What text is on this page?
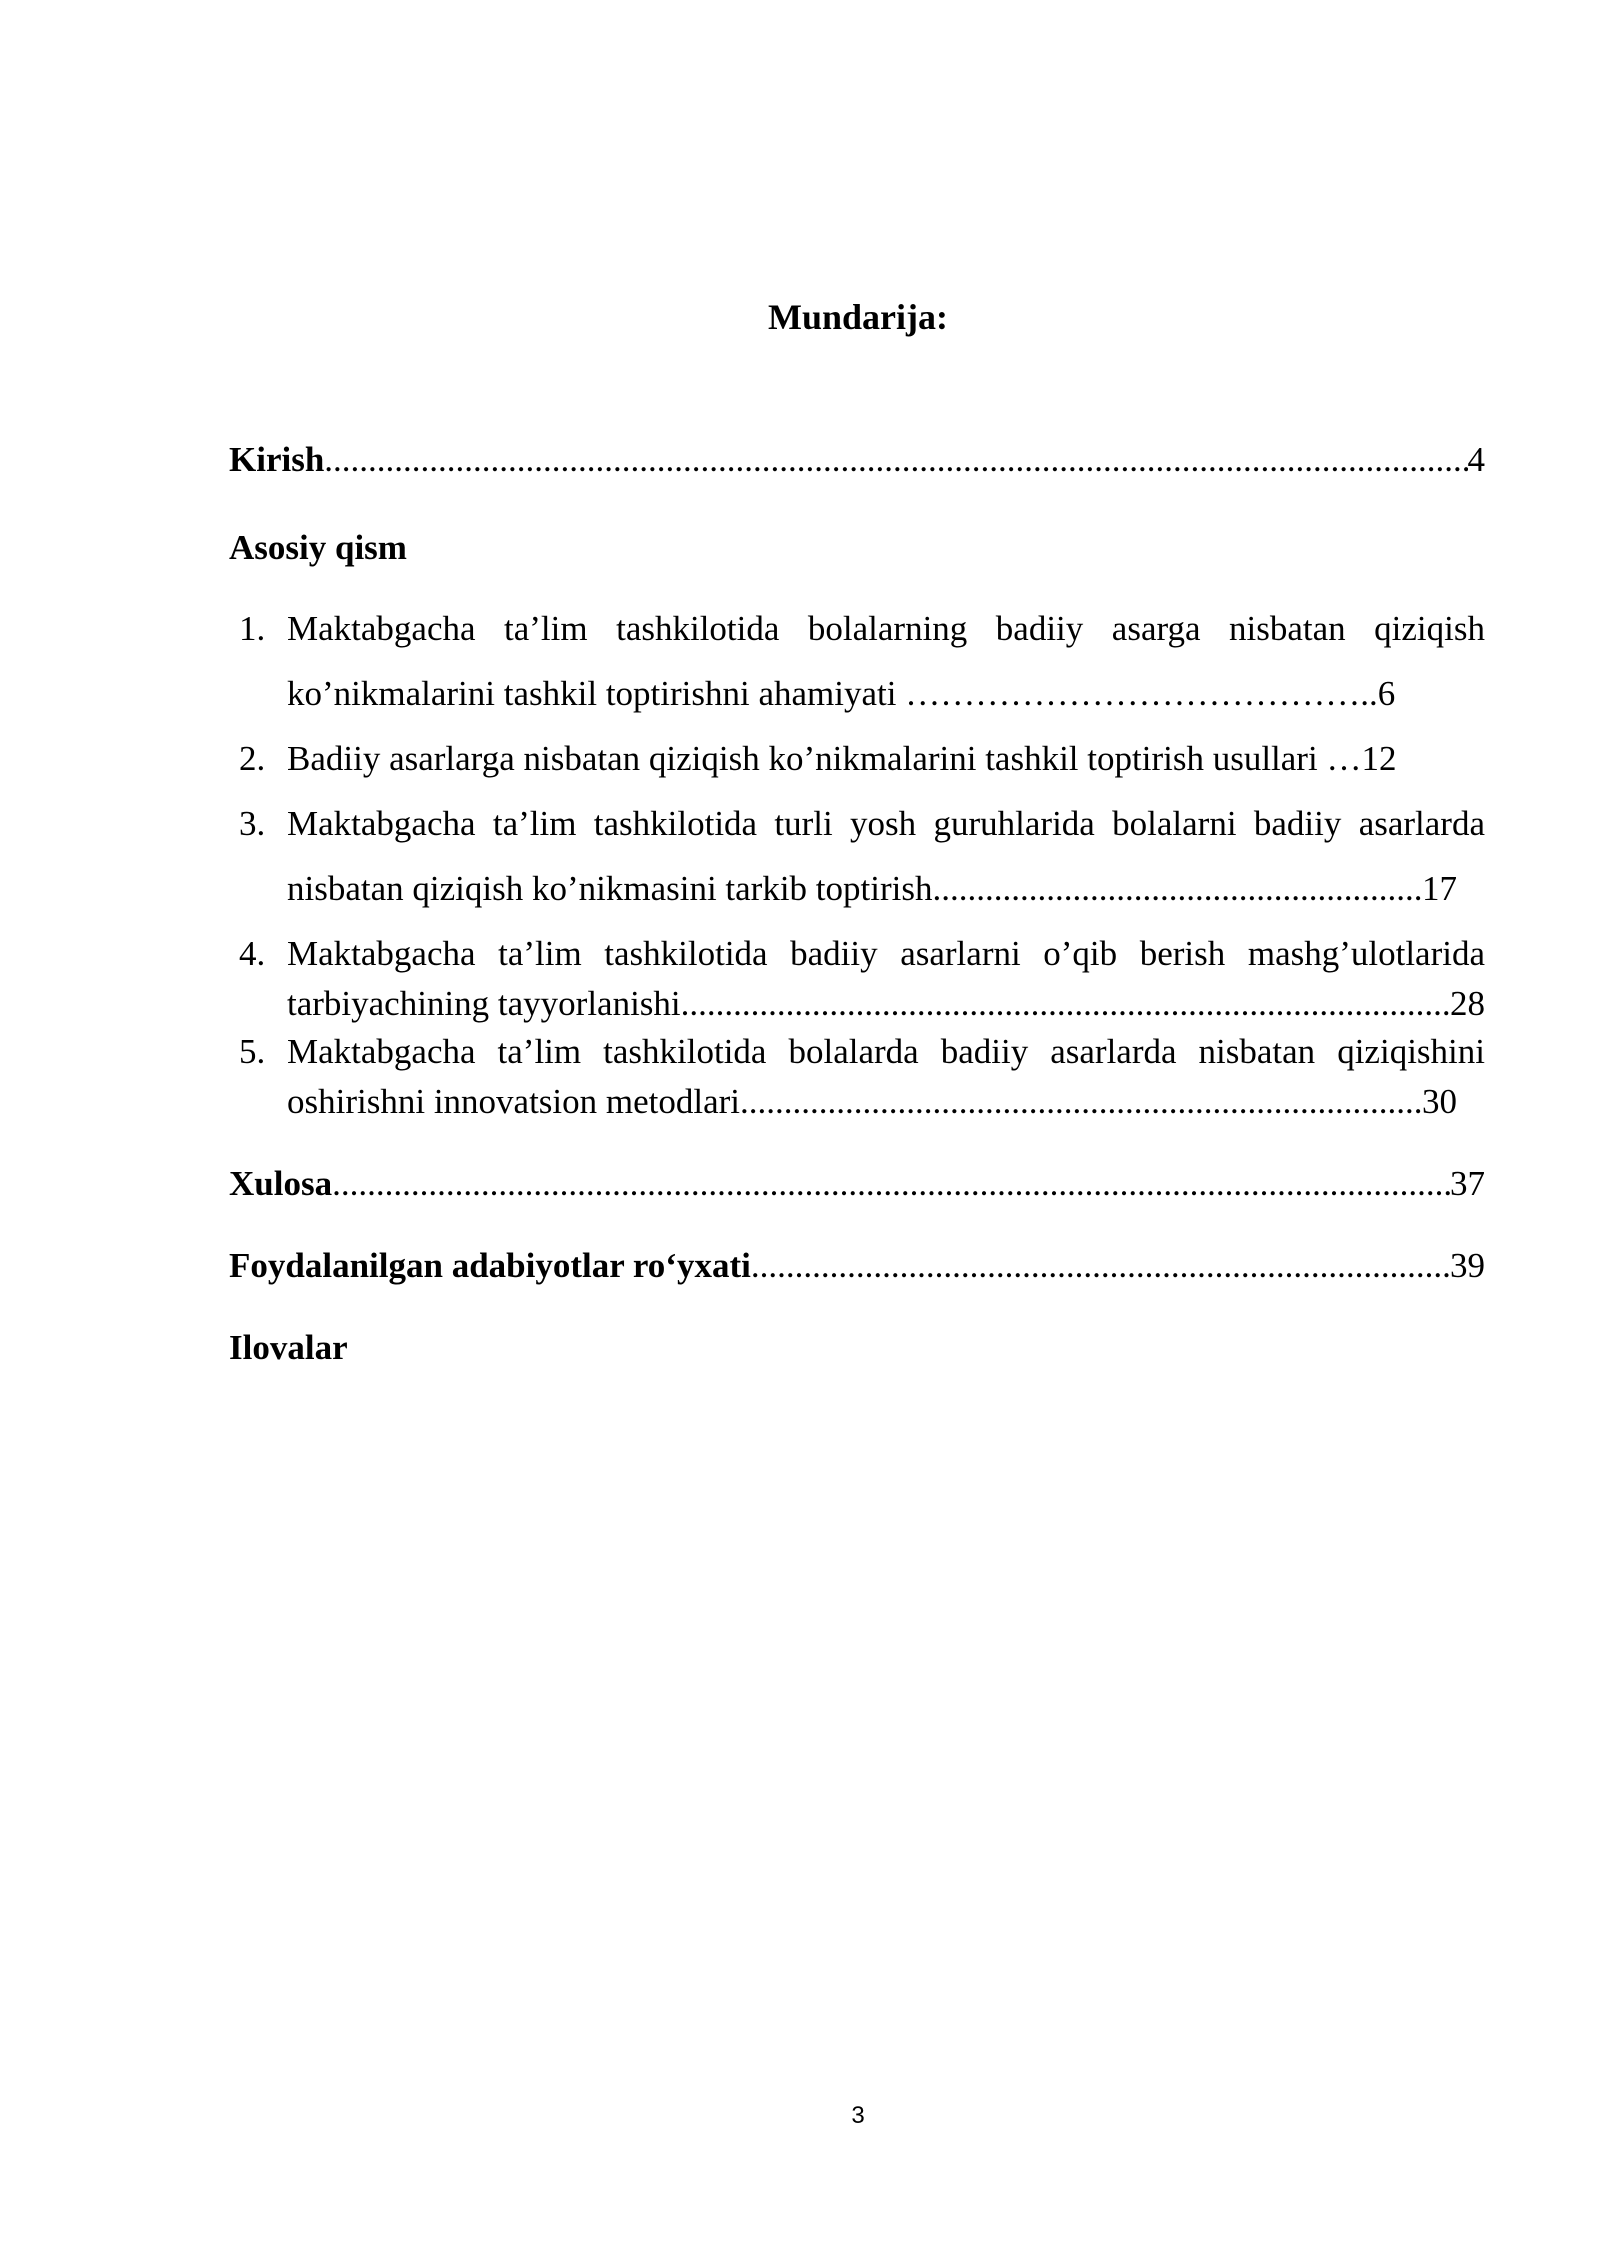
Mundarija:
Kirish .....	4
Asosiy qism
1. Maktabgacha ta’lim tashkilotida bolalarning badiiy asarga nisbatan qiziqish
ko’nikmalarini tashkil toptirishni ahamiyati …………………………………..6
2. Badiiy asarlarga nisbatan qiziqish ko’nikmalarini tashkil toptirish usullari …12
3. Maktabgacha ta’lim tashkilotida turli yosh guruhlarida bolalarni badiiy asarlarda
nisbatan qiziqish ko’nikmasini tarkib toptirish .....	17
4. Maktabgacha ta’lim tashkilotida badiiy asarlarni o’qib berish mashg’ulotlarida
tarbiyachining tayyorlanishi .....	28
5. Maktabgacha ta’lim tashkilotida bolalarda badiiy asarlarda nisbatan qiziqishini
oshirishni innovatsion metodlari .....	30
Xulosa .....	37
Foydalanilgan adabiyotlar ro‘yxati .....	39
Ilovalar
3
